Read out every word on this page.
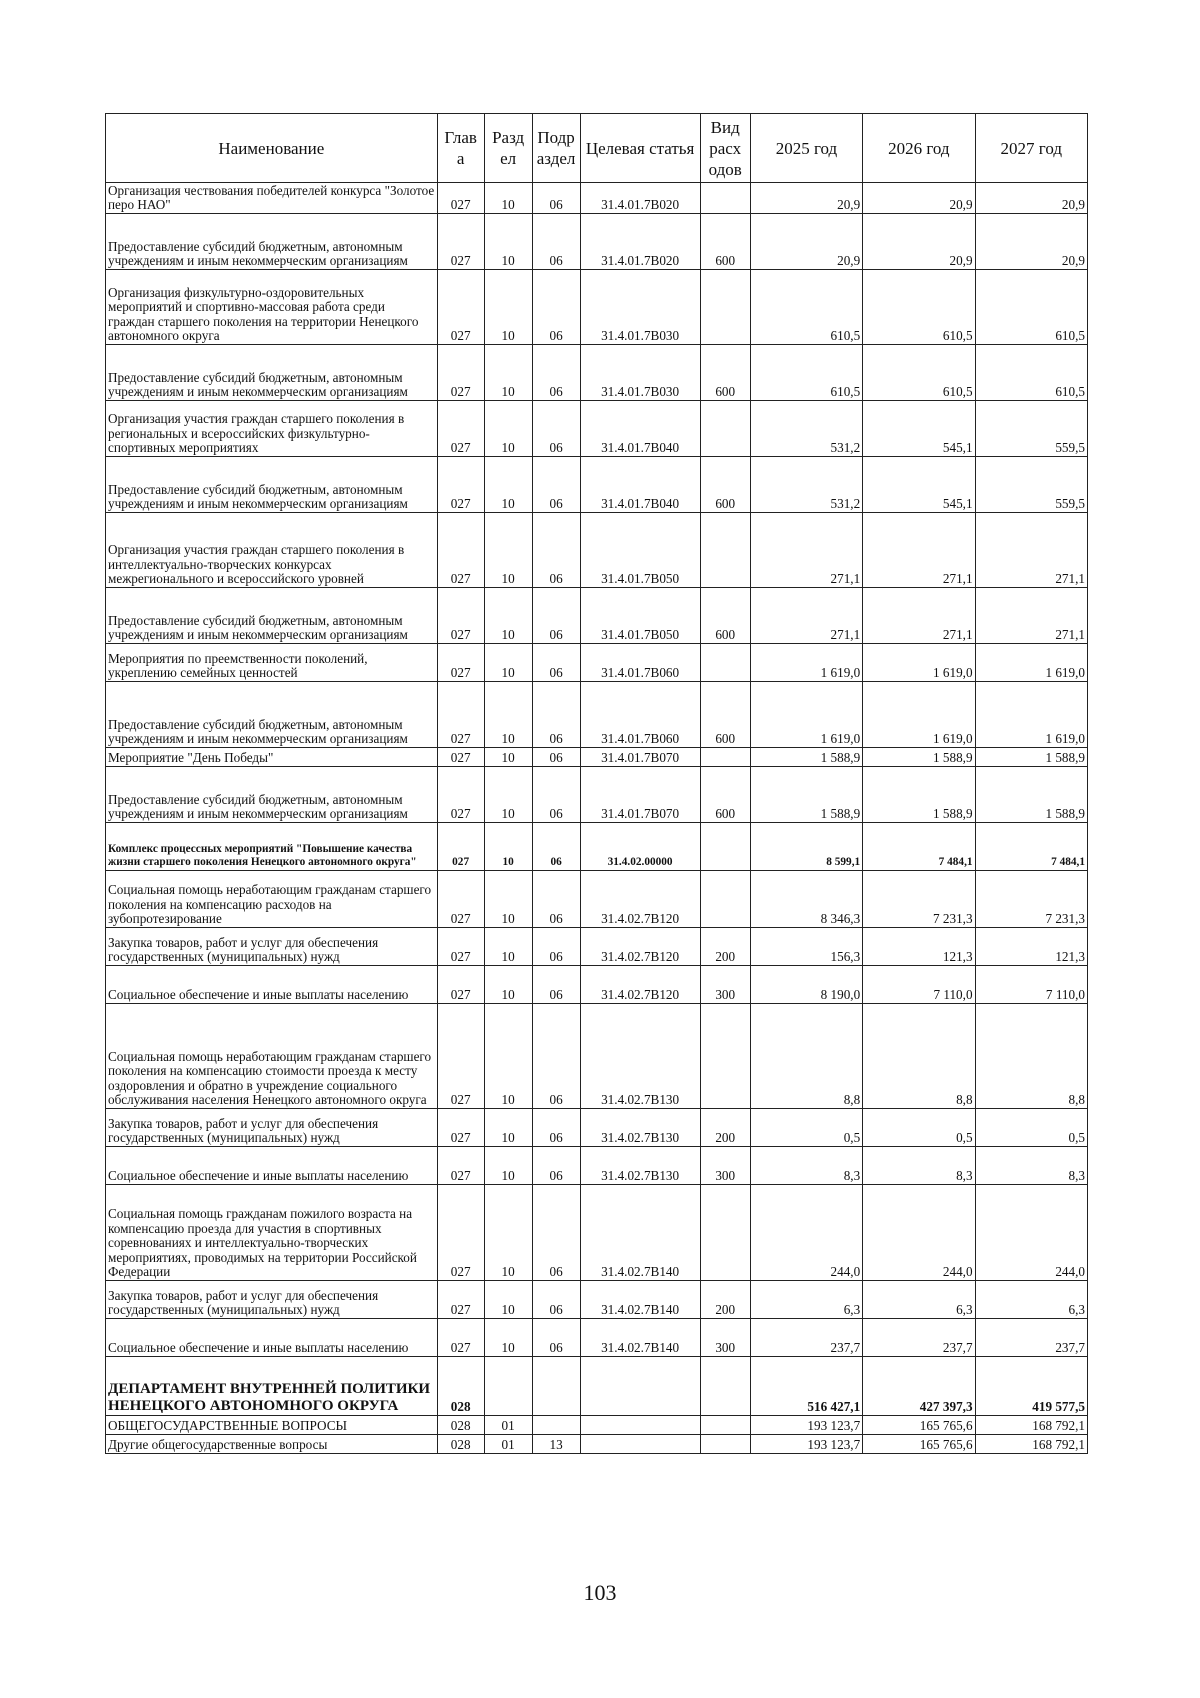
Наименование	Глав а	Разд ел	Подр аздел	Целевая статья	Вид расх одов	2025 год	2026 год	2027 год
Организация чествования победителей конкурса "Золотое перо НАО"	027	10	06	31.4.01.7В020		20,9	20,9	20,9
Предоставление субсидий бюджетным, автономным учреждениям и иным некоммерческим организациям	027	10	06	31.4.01.7В020	600	20,9	20,9	20,9
Организация физкультурно-оздоровительных мероприятий и спортивно-массовая работа среди граждан старшего поколения на территории Ненецкого автономного округа	027	10	06	31.4.01.7В030		610,5	610,5	610,5
Предоставление субсидий бюджетным, автономным учреждениям и иным некоммерческим организациям	027	10	06	31.4.01.7В030	600	610,5	610,5	610,5
Организация участия граждан старшего поколения в региональных и всероссийских физкультурно-спортивных мероприятиях	027	10	06	31.4.01.7В040		531,2	545,1	559,5
Предоставление субсидий бюджетным, автономным учреждениям и иным некоммерческим организациям	027	10	06	31.4.01.7В040	600	531,2	545,1	559,5
Организация участия граждан старшего поколения в интеллектуально-творческих конкурсах межрегионального и всероссийского уровней	027	10	06	31.4.01.7В050		271,1	271,1	271,1
Предоставление субсидий бюджетным, автономным учреждениям и иным некоммерческим организациям	027	10	06	31.4.01.7В050	600	271,1	271,1	271,1
Мероприятия по преемственности поколений, укреплению семейных ценностей	027	10	06	31.4.01.7В060		1 619,0	1 619,0	1 619,0
Предоставление субсидий бюджетным, автономным учреждениям и иным некоммерческим организациям	027	10	06	31.4.01.7В060	600	1 619,0	1 619,0	1 619,0
Мероприятие "День Победы"	027	10	06	31.4.01.7В070		1 588,9	1 588,9	1 588,9
Предоставление субсидий бюджетным, автономным учреждениям и иным некоммерческим организациям	027	10	06	31.4.01.7В070	600	1 588,9	1 588,9	1 588,9
Комплекс процессных мероприятий "Повышение качества жизни старшего поколения Ненецкого автономного округа"	027	10	06	31.4.02.00000		8 599,1	7 484,1	7 484,1
Социальная помощь неработающим гражданам старшего поколения на компенсацию расходов на зубопротезирование	027	10	06	31.4.02.7В120		8 346,3	7 231,3	7 231,3
Закупка товаров, работ и услуг для обеспечения государственных (муниципальных) нужд	027	10	06	31.4.02.7В120	200	156,3	121,3	121,3
Социальное обеспечение и иные выплаты населению	027	10	06	31.4.02.7В120	300	8 190,0	7 110,0	7 110,0
Социальная помощь неработающим гражданам старшего поколения на компенсацию стоимости проезда к месту оздоровления и обратно в учреждение социального обслуживания населения Ненецкого автономного округа	027	10	06	31.4.02.7В130		8,8	8,8	8,8
Закупка товаров, работ и услуг для обеспечения государственных (муниципальных) нужд	027	10	06	31.4.02.7В130	200	0,5	0,5	0,5
Социальное обеспечение и иные выплаты населению	027	10	06	31.4.02.7В130	300	8,3	8,3	8,3
Социальная помощь гражданам пожилого возраста на компенсацию проезда для участия в спортивных соревнованиях и интеллектуально-творческих мероприятиях, проводимых на территории Российской Федерации	027	10	06	31.4.02.7В140		244,0	244,0	244,0
Закупка товаров, работ и услуг для обеспечения государственных (муниципальных) нужд	027	10	06	31.4.02.7В140	200	6,3	6,3	6,3
Социальное обеспечение и иные выплаты населению	027	10	06	31.4.02.7В140	300	237,7	237,7	237,7
ДЕПАРТАМЕНТ ВНУТРЕННЕЙ ПОЛИТИКИ НЕНЕЦКОГО АВТОНОМНОГО ОКРУГА	028					516 427,1	427 397,3	419 577,5
ОБЩЕГОСУДАРСТВЕННЫЕ ВОПРОСЫ	028	01				193 123,7	165 765,6	168 792,1
Другие общегосударственные вопросы	028	01	13			193 123,7	165 765,6	168 792,1
103
